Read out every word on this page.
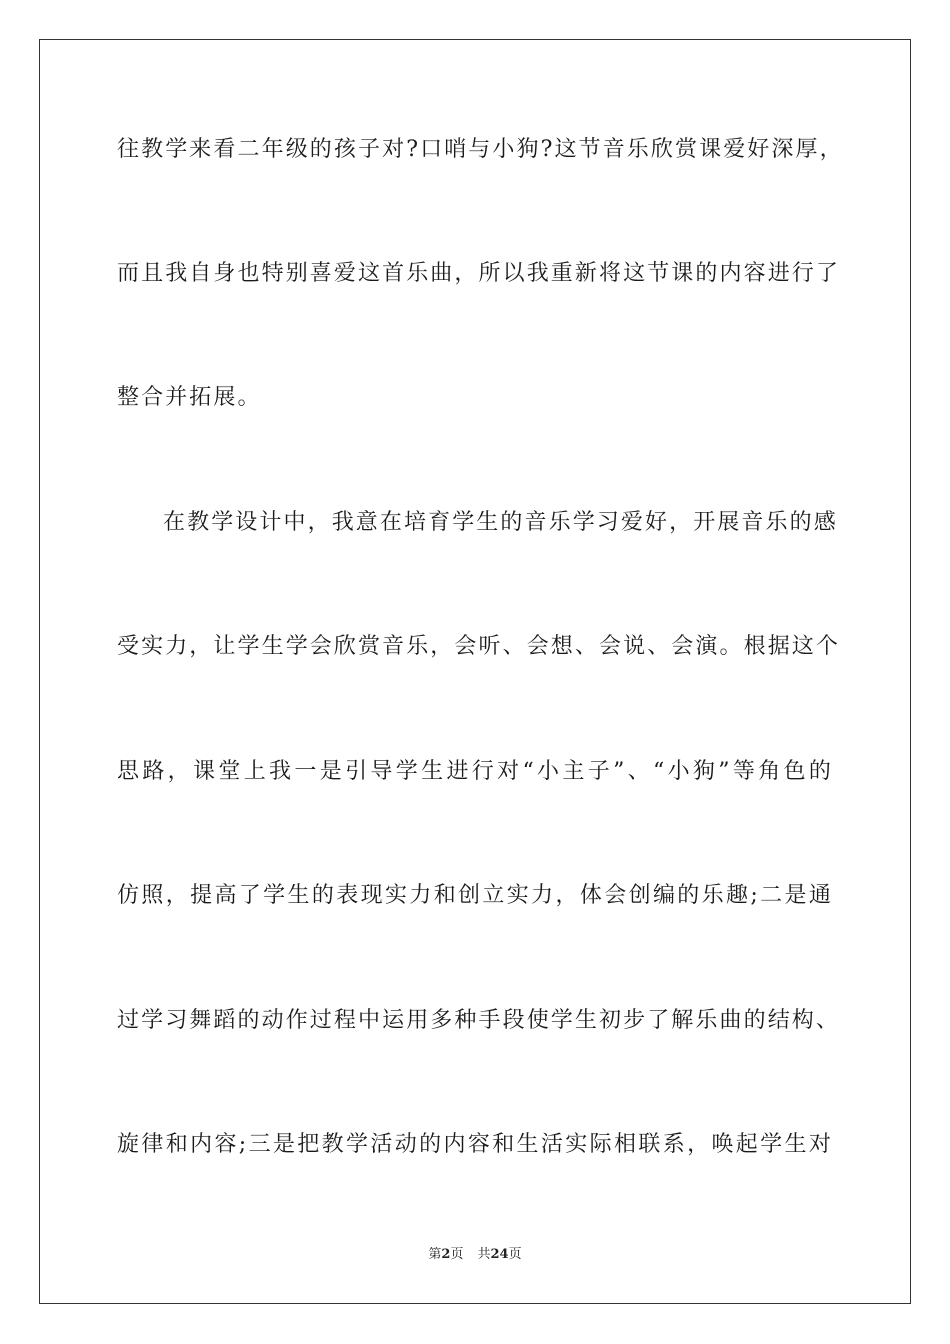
往教学来看二年级的孩子对?口哨与小狗?这节音乐欣赏课爱好深厚，
而且我自身也特别喜爱这首乐曲，所以我重新将这节课的内容进行了
整合并拓展。
在教学设计中，我意在培育学生的音乐学习爱好，开展音乐的感
受实力，让学生学会欣赏音乐，会听、会想、会说、会演。根据这个
思路，课堂上我一是引导学生进行对“小主子”、“小狗”等角色的
仿照，提高了学生的表现实力和创立实力，体会创编的乐趣;二是通
过学习舞蹈的动作过程中运用多种手段使学生初步了解乐曲的结构、
旋律和内容;三是把教学活动的内容和生活实际相联系，唤起学生对
第2页 共24页
